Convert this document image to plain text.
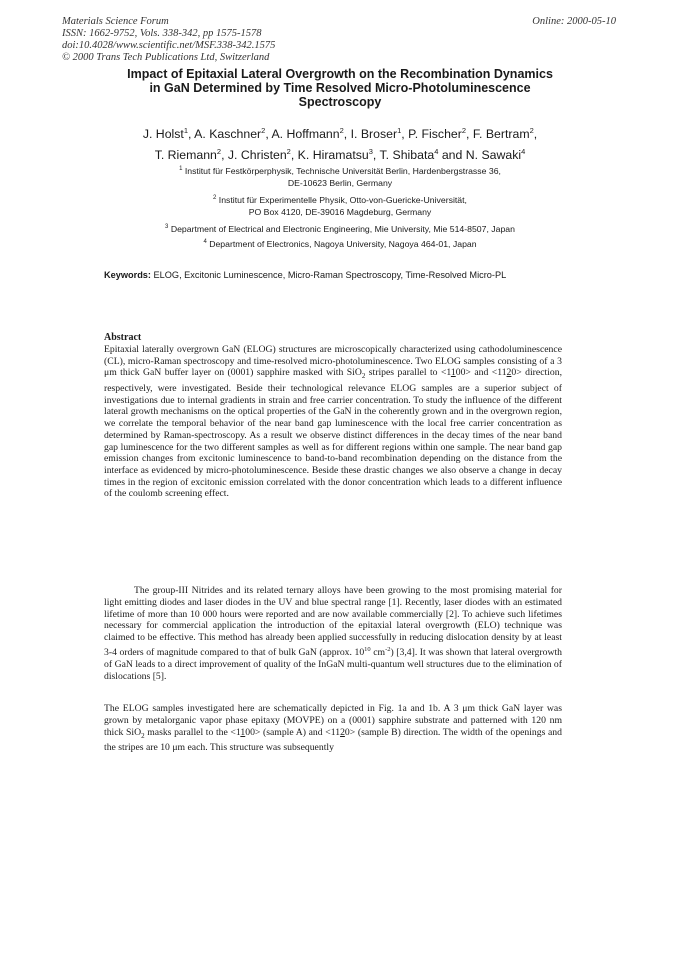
Materials Science Forum
ISSN: 1662-9752, Vols. 338-342, pp 1575-1578
doi:10.4028/www.scientific.net/MSF.338-342.1575
© 2000 Trans Tech Publications Ltd, Switzerland
Online: 2000-05-10
Impact of Epitaxial Lateral Overgrowth on the Recombination Dynamics
in GaN Determined by Time Resolved Micro-Photoluminescence
Spectroscopy
J. Holst$^1$, A. Kaschner$^2$, A. Hoffmann$^2$, I. Broser$^1$, P. Fischer$^2$, F. Bertram$^2$,
T. Riemann$^2$, J. Christen$^2$, K. Hiramatsu$^3$, T. Shibata$^4$ and N. Sawaki$^4$
$^1$ Institut für Festkörperphysik, Technische Universität Berlin, Hardenbergstrasse 36,
DE-10623 Berlin, Germany
$^2$ Institut für Experimentelle Physik, Otto-von-Guericke-Universität,
PO Box 4120, DE-39016 Magdeburg, Germany
$^3$ Department of Electrical and Electronic Engineering, Mie University, Mie 514-8507, Japan
$^4$ Department of Electronics, Nagoya University, Nagoya 464-01, Japan
Keywords: ELOG, Excitonic Luminescence, Micro-Raman Spectroscopy, Time-Resolved Micro-PL
Abstract
Epitaxial laterally overgrown GaN (ELOG) structures are microscopically characterized using cathodoluminescence (CL), micro-Raman spectroscopy and time-resolved micro-photoluminescence. Two ELOG samples consisting of a 3 μm thick GaN buffer layer on (0001) sapphire masked with SiO$_2$ stripes parallel to <1100> and <1120> direction, respectively, were investigated. Beside their technological relevance ELOG samples are a superior subject of investigations due to internal gradients in strain and free carrier concentration. To study the influence of the different lateral growth mechanisms on the optical properties of the GaN in the coherently grown and in the overgrown region, we correlate the temporal behavior of the near band gap luminescence with the local free carrier concentration as determined by Raman-spectroscopy. As a result we observe distinct differences in the decay times of the near band gap luminescence for the two different samples as well as for different regions within one sample. The near band gap emission changes from excitonic luminescence to band-to-band recombination depending on the distance from the interface as evidenced by micro-photoluminescence. Beside these drastic changes we also observe a change in decay times in the region of excitonic emission correlated with the donor concentration which leads to a different influence of the coulomb screening effect.
The group-III Nitrides and its related ternary alloys have been growing to the most promising material for light emitting diodes and laser diodes in the UV and blue spectral range [1]. Recently, laser diodes with an estimated lifetime of more than 10 000 hours were reported and are now available commercially [2]. To achieve such lifetimes necessary for commercial application the introduction of the epitaxial lateral overgrowth (ELO) technique was claimed to be effective. This method has already been applied successfully in reducing dislocation density by at least 3-4 orders of magnitude compared to that of bulk GaN (approx. $10^{10}$ $cm^{-2}$) [3,4]. It was shown that lateral overgrowth of GaN leads to a direct improvement of quality of the InGaN multi-quantum well structures due to the elimination of dislocations [5].
The ELOG samples investigated here are schematically depicted in Fig. 1a and 1b. A 3 μm thick GaN layer was grown by metalorganic vapor phase epitaxy (MOVPE) on a (0001) sapphire substrate and patterned with 120 nm thick SiO$_2$ masks parallel to the <1100> (sample A) and <1120> (sample B) direction. The width of the openings and the stripes are 10 μm each. This structure was subsequently
